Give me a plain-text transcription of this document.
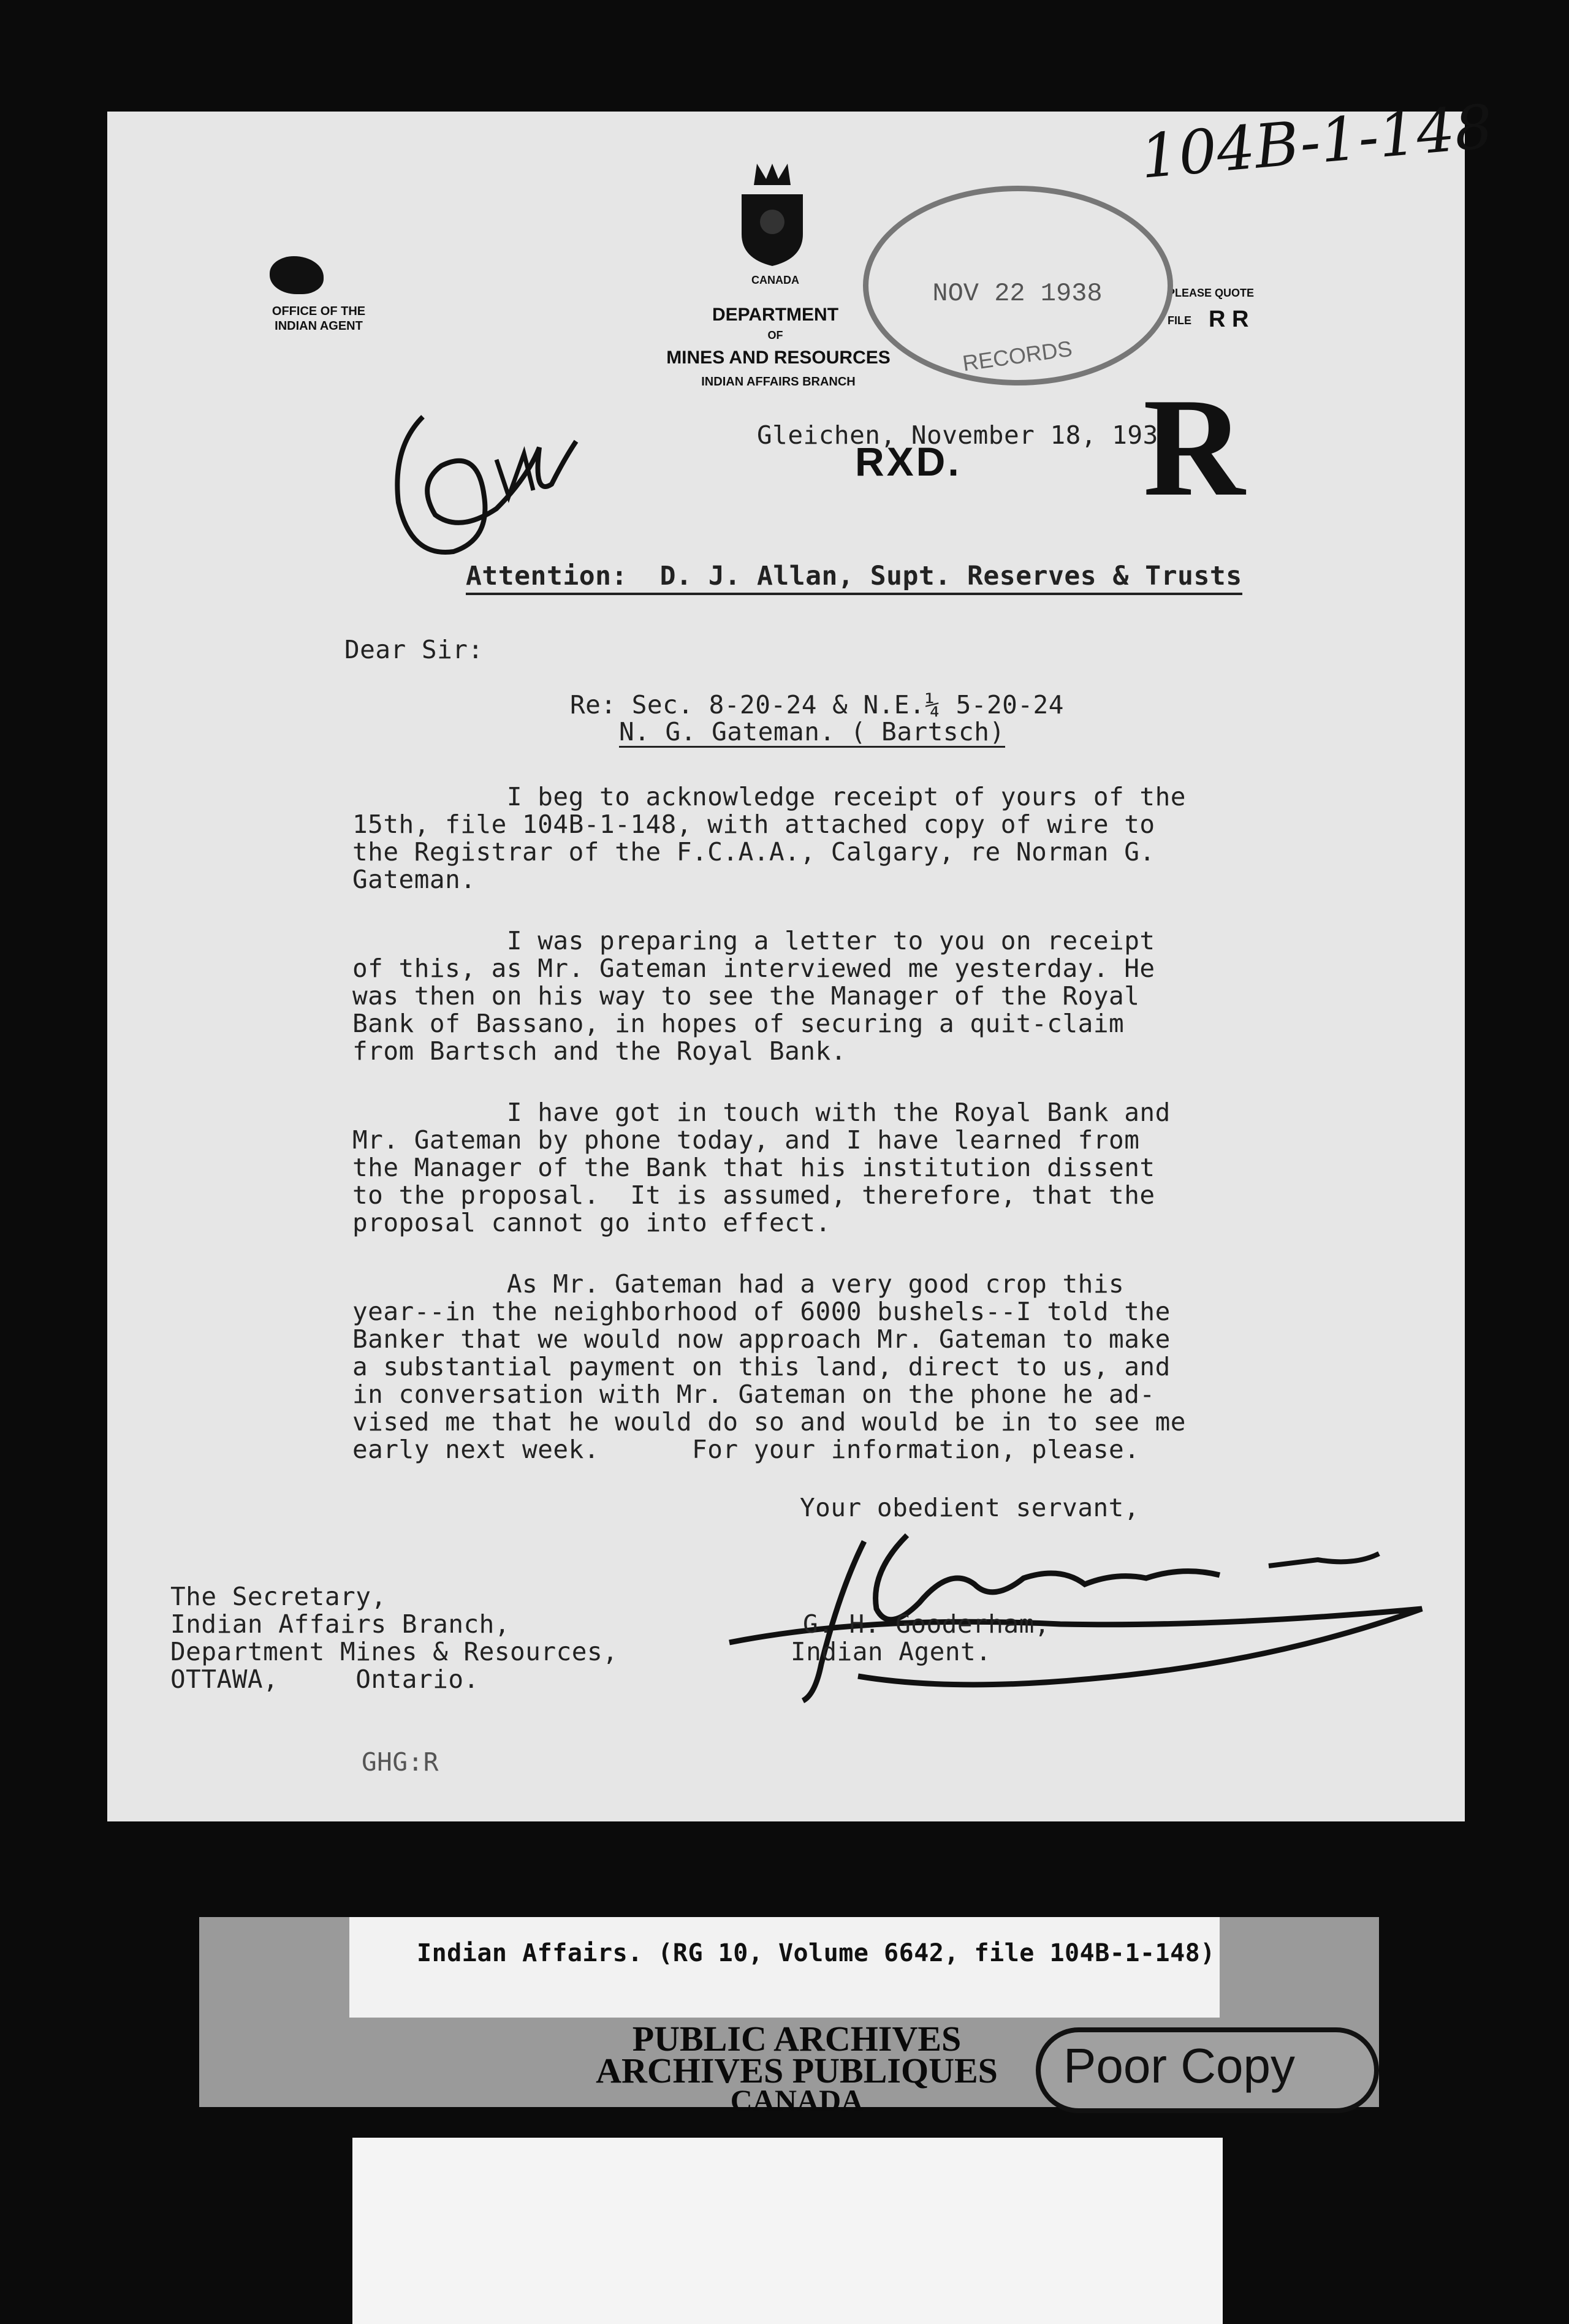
104B-1-148
OFFICE OF THE
INDIAN AGENT
CANADA
DEPARTMENT
OF
MINES AND RESOURCES
INDIAN AFFAIRS BRANCH
PLEASE QUOTE
FILE R R
NOV 22 1938
RECORDS
Gleichen, November 18, 1938
RXD.	R
Attention:  D. J. Allan, Supt. Reserves & Trusts
Dear Sir:
Re: Sec. 8-20-24 & N.E.¼ 5-20-24
N. G. Gateman. ( Bartsch)
I beg to acknowledge receipt of yours of the
15th, file 104B-1-148, with attached copy of wire to
the Registrar of the F.C.A.A., Calgary, re Norman G.
Gateman.
I was preparing a letter to you on receipt
of this, as Mr. Gateman interviewed me yesterday. He
was then on his way to see the Manager of the Royal
Bank of Bassano, in hopes of securing a quit-claim
from Bartsch and the Royal Bank.
I have got in touch with the Royal Bank and
Mr. Gateman by phone today, and I have learned from
the Manager of the Bank that his institution dissent
to the proposal.  It is assumed, therefore, that the
proposal cannot go into effect.
As Mr. Gateman had a very good crop this
year--in the neighborhood of 6000 bushels--I told the
Banker that we would now approach Mr. Gateman to make
a substantial payment on this land, direct to us, and
in conversation with Mr. Gateman on the phone he ad-
vised me that he would do so and would be in to see me
early next week.      For your information, please.
Your obedient servant,
G. H. Gooderham,
Indian Agent.
The Secretary,
Indian Affairs Branch,
Department Mines & Resources,
OTTAWA,     Ontario.
GHG:R
Indian Affairs. (RG 10, Volume 6642, file 104B-1-148)
PUBLIC ARCHIVES
ARCHIVES PUBLIQUES
CANADA
Poor Copy
